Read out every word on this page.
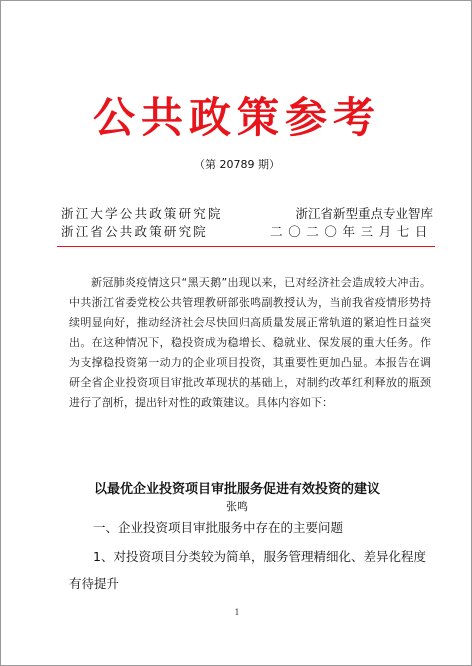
公共政策参考
（第 20789 期）
浙江大学公共政策研究院	浙江省新型重点专业智库
浙江省公共政策研究院	二〇二〇年三月七日

新冠肺炎疫情这只“黑天鹅”出现以来，已对经济社会造成较大冲击。中共浙江省委党校公共管理教研部张鸣副教授认为，当前我省疫情形势持续明显向好，推动经济社会尽快回归高质量发展正常轨道的紧迫性日益突出。在这种情况下，稳投资成为稳增长、稳就业、保发展的重大任务。作为支撑稳投资第一动力的企业项目投资，其重要性更加凸显。本报告在调研全省企业投资项目审批改革现状的基础上，对制约改革红利释放的瓶颈进行了剖析，提出针对性的政策建议。具体内容如下：

以最优企业投资项目审批服务促进有效投资的建议
张鸣
一、企业投资项目审批服务中存在的主要问题

1、对投资项目分类较为简单，服务管理精细化、差异化程度有待提升

1
